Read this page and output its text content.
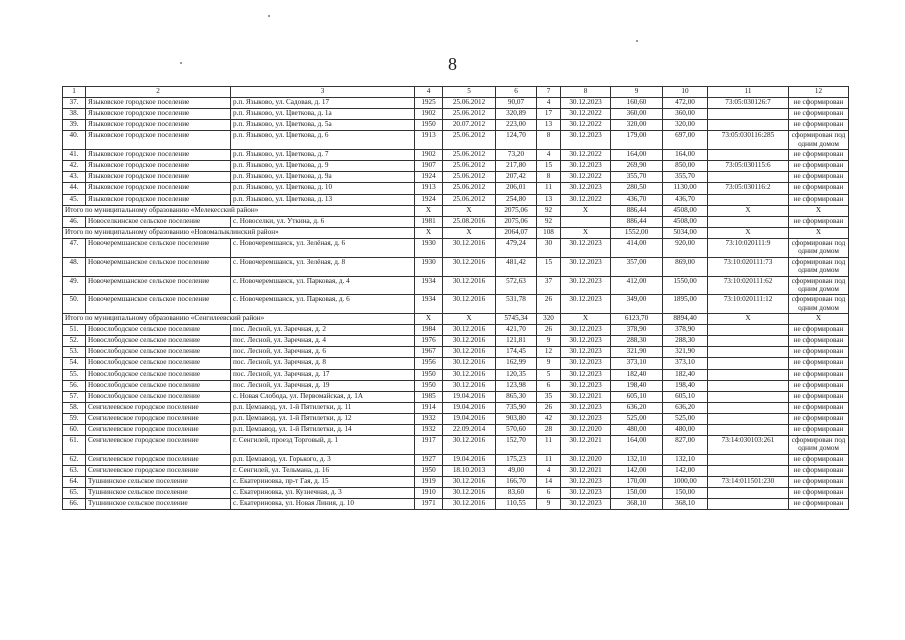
8
1	2	3	4	5	6	7	8	9	10	11	12
37.	Языковское городское поселение	р.п. Языково, ул. Садовая, д. 17	1925	25.06.2012	90,07	4	30.12.2023	160,60	472,00	73:05:030126:7	не сформирован
38.	Языковское городское поселение	р.п. Языково, ул. Цветкова, д. 1а	1902	25.06.2012	320,89	17	30.12.2022	360,00	360,00		не сформирован
39.	Языковское городское поселение	р.п. Языково, ул. Цветкова, д. 5а	1950	20.07.2012	223,00	13	30.12.2022	320,00	320,00		не сформирован
40.	Языковское городское поселение	р.п. Языково, ул. Цветкова, д. 6	1913	25.06.2012	124,70	8	30.12.2023	179,00	697,00	73:05:030116:285	сформирован под одним домом
41.	Языковское городское поселение	р.п. Языково, ул. Цветкова, д. 7	1902	25.06.2012	73,20	4	30.12.2022	164,00	164,00		не сформирован
42.	Языковское городское поселение	р.п. Языково, ул. Цветкова, д. 9	1907	25.06.2012	217,80	15	30.12.2023	269,90	850,00	73:05:030115:6	не сформирован
43.	Языковское городское поселение	р.п. Языково, ул. Цветкова, д. 9а	1924	25.06.2012	207,42	8	30.12.2022	355,70	355,70		не сформирован
44.	Языковское городское поселение	р.п. Языково, ул. Цветкова, д. 10	1913	25.06.2012	206,01	11	30.12.2023	280,50	1130,00	73:05:030116:2	не сформирован
45.	Языковское городское поселение	р.п. Языково, ул. Цветкова, д. 13	1924	25.06.2012	254,80	13	30.12.2022	436,70	436,70		не сформирован
Итого по муниципальному образованию «Мелекесский район»			Х	Х	2075,06	92	Х	886,44	4508,00	Х	Х
46.	Новоселкинское сельское поселение	с. Новоселки, ул. Уткина, д. 6	1981	25.08.2016	2075,06	92		886,44	4508,00		не сформирован
Итого по муниципальному образованию «Новомалыклинский район»			Х	Х	2064,07	108	Х	1552,00	5034,00	Х	Х
47.	Новочеремшанское сельское поселение	с. Новочеремшанск, ул. Зелёная, д. 6	1930	30.12.2016	479,24	30	30.12.2023	414,00	920,00	73:10:020111:9	сформирован под одним домом
48.	Новочеремшанское сельское поселение	с. Новочеремшанск, ул. Зелёная, д. 8	1930	30.12.2016	481,42	15	30.12.2023	357,00	869,00	73:10:020111:73	сформирован под одним домом
49.	Новочеремшанское сельское поселение	с. Новочеремшанск, ул. Парковая, д. 4	1934	30.12.2016	572,63	37	30.12.2023	412,00	1550,00	73:10:020111:62	сформирован под одним домом
50.	Новочеремшанское сельское поселение	с. Новочеремшанск, ул. Парковая, д. 6	1934	30.12.2016	531,78	26	30.12.2023	349,00	1895,00	73:10:020111:12	сформирован под одним домом
Итого по муниципальному образованию «Сенгилеевский район»			Х	Х	5745,34	320	Х	6123,70	8894,40	Х	Х
51.	Новослободское сельское поселение	пос. Лесной, ул. Заречная, д. 2	1984	30.12.2016	421,70	26	30.12.2023	378,90	378,90		не сформирован
52.	Новослободское сельское поселение	пос. Лесной, ул. Заречная, д. 4	1976	30.12.2016	121,81	9	30.12.2023	288,30	288,30		не сформирован
53.	Новослободское сельское поселение	пос. Лесной, ул. Заречная, д. 6	1967	30.12.2016	174,45	12	30.12.2023	321,90	321,90		не сформирован
54.	Новослободское сельское поселение	пос. Лесной, ул. Заречная, д. 8	1956	30.12.2016	162,99	9	30.12.2023	373,10	373,10		не сформирован
55.	Новослободское сельское поселение	пос. Лесной, ул. Заречная, д. 17	1950	30.12.2016	120,35	5	30.12.2023	182,40	182,40		не сформирован
56.	Новослободское сельское поселение	пос. Лесной, ул. Заречная, д. 19	1950	30.12.2016	123,98	6	30.12.2023	198,40	198,40		не сформирован
57.	Новослободское сельское поселение	с. Новая Слобода, ул. Первомайская, д. 1А	1985	19.04.2016	865,30	35	30.12.2021	605,10	605,10		не сформирован
58.	Сенгилеевское городское поселение	р.п. Цемзавод, ул. 1-й Пятилетки, д. 11	1914	19.04.2016	735,90	26	30.12.2023	636,20	636,20		не сформирован
59.	Сенгилеевское городское поселение	р.п. Цемзавод, ул. 1-й Пятилетки, д. 12	1932	19.04.2016	903,80	42	30.12.2023	525,00	525,00		не сформирован
60.	Сенгилеевское городское поселение	р.п. Цемзавод, ул. 1-й Пятилетки, д. 14	1932	22.09.2014	570,60	28	30.12.2020	480,00	480,00		не сформирован
61.	Сенгилеевское городское поселение	г. Сенгилей, проезд Торговый, д. 1	1917	30.12.2016	152,70	11	30.12.2021	164,00	827,00	73:14:030103:261	сформирован под одним домом
62.	Сенгилеевское городское поселение	р.п. Цемзавод, ул. Горького, д. 3	1927	19.04.2016	175,23	11	30.12.2020	132,10	132,10		не сформирован
63.	Сенгилеевское городское поселение	г. Сенгилей, ул. Тельмана, д. 16	1950	18.10.2013	49,00	4	30.12.2021	142,00	142,00		не сформирован
64.	Тушнинское сельское поселение	с. Екатериновка, пр-т Гая, д. 15	1919	30.12.2016	166,70	14	30.12.2023	170,00	1000,00	73:14:011501:230	не сформирован
65.	Тушнинское сельское поселение	с. Екатериновка, ул. Кузнечная, д. 3	1910	30.12.2016	83,60	6	30.12.2023	150,00	150,00		не сформирован
66.	Тушнинское сельское поселение	с. Екатериновка, ул. Новая Линия, д. 10	1971	30.12.2016	110,55	9	30.12.2023	368,10	368,10		не сформирован
